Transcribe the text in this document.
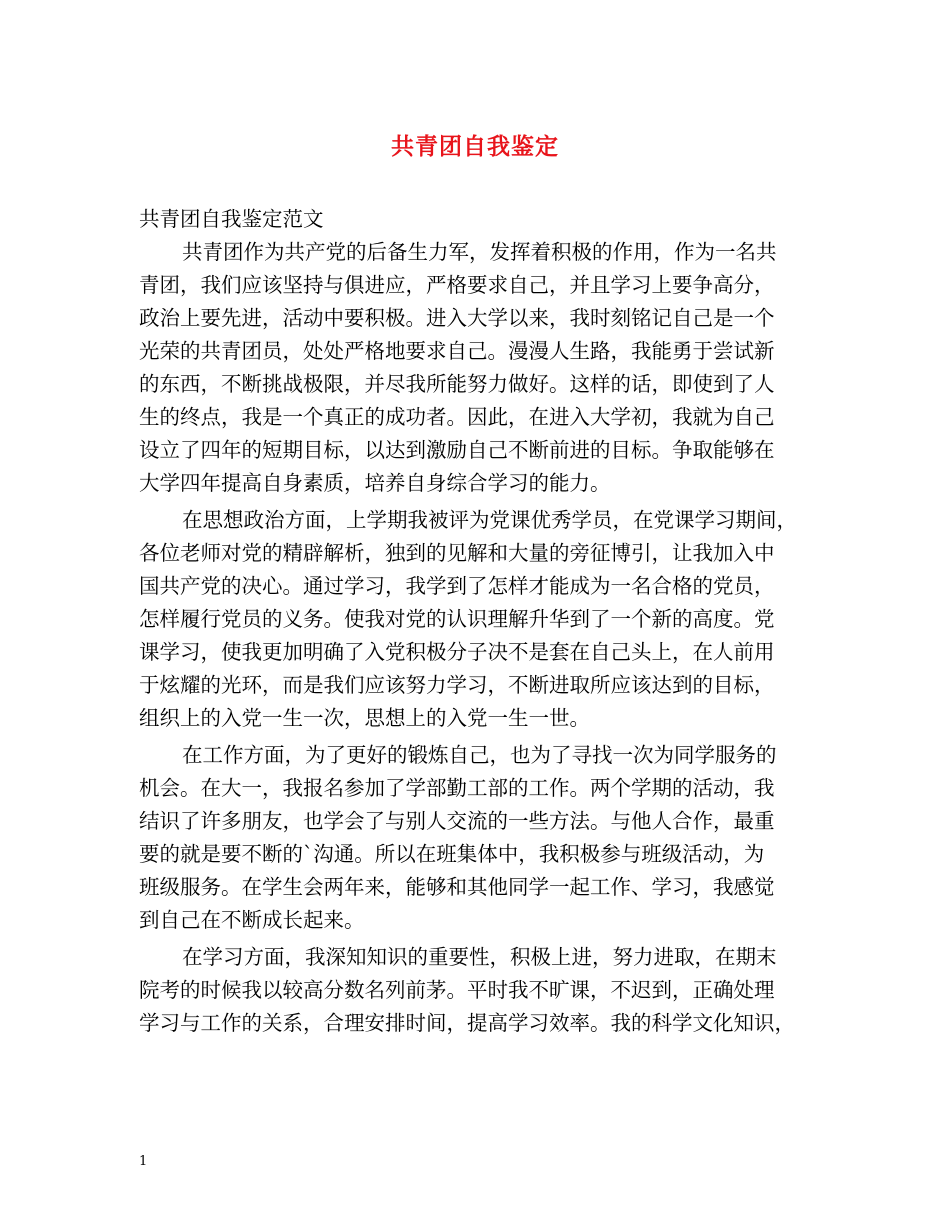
共青团自我鉴定
共青团自我鉴定范文
共青团作为共产党的后备生力军，发挥着积极的作用，作为一名共
青团，我们应该坚持与俱进应，严格要求自己，并且学习上要争高分，
政治上要先进，活动中要积极。进入大学以来，我时刻铭记自己是一个
光荣的共青团员，处处严格地要求自己。漫漫人生路，我能勇于尝试新
的东西，不断挑战极限，并尽我所能努力做好。这样的话，即使到了人
生的终点，我是一个真正的成功者。因此，在进入大学初，我就为自己
设立了四年的短期目标，以达到激励自己不断前进的目标。争取能够在
大学四年提高自身素质，培养自身综合学习的能力。
在思想政治方面，上学期我被评为党课优秀学员，在党课学习期间，
各位老师对党的精辟解析，独到的见解和大量的旁征博引，让我加入中
国共产党的决心。通过学习，我学到了怎样才能成为一名合格的党员，
怎样履行党员的义务。使我对党的认识理解升华到了一个新的高度。党
课学习，使我更加明确了入党积极分子决不是套在自己头上，在人前用
于炫耀的光环，而是我们应该努力学习，不断进取所应该达到的目标，
组织上的入党一生一次，思想上的入党一生一世。
在工作方面，为了更好的锻炼自己，也为了寻找一次为同学服务的
机会。在大一，我报名参加了学部勤工部的工作。两个学期的活动，我
结识了许多朋友，也学会了与别人交流的一些方法。与他人合作，最重
要的就是要不断的`沟通。所以在班集体中，我积极参与班级活动，为
班级服务。在学生会两年来，能够和其他同学一起工作、学习，我感觉
到自己在不断成长起来。
在学习方面，我深知知识的重要性，积极上进，努力进取，在期末
院考的时候我以较高分数名列前茅。平时我不旷课，不迟到，正确处理
学习与工作的关系，合理安排时间，提高学习效率。我的科学文化知识，
1
